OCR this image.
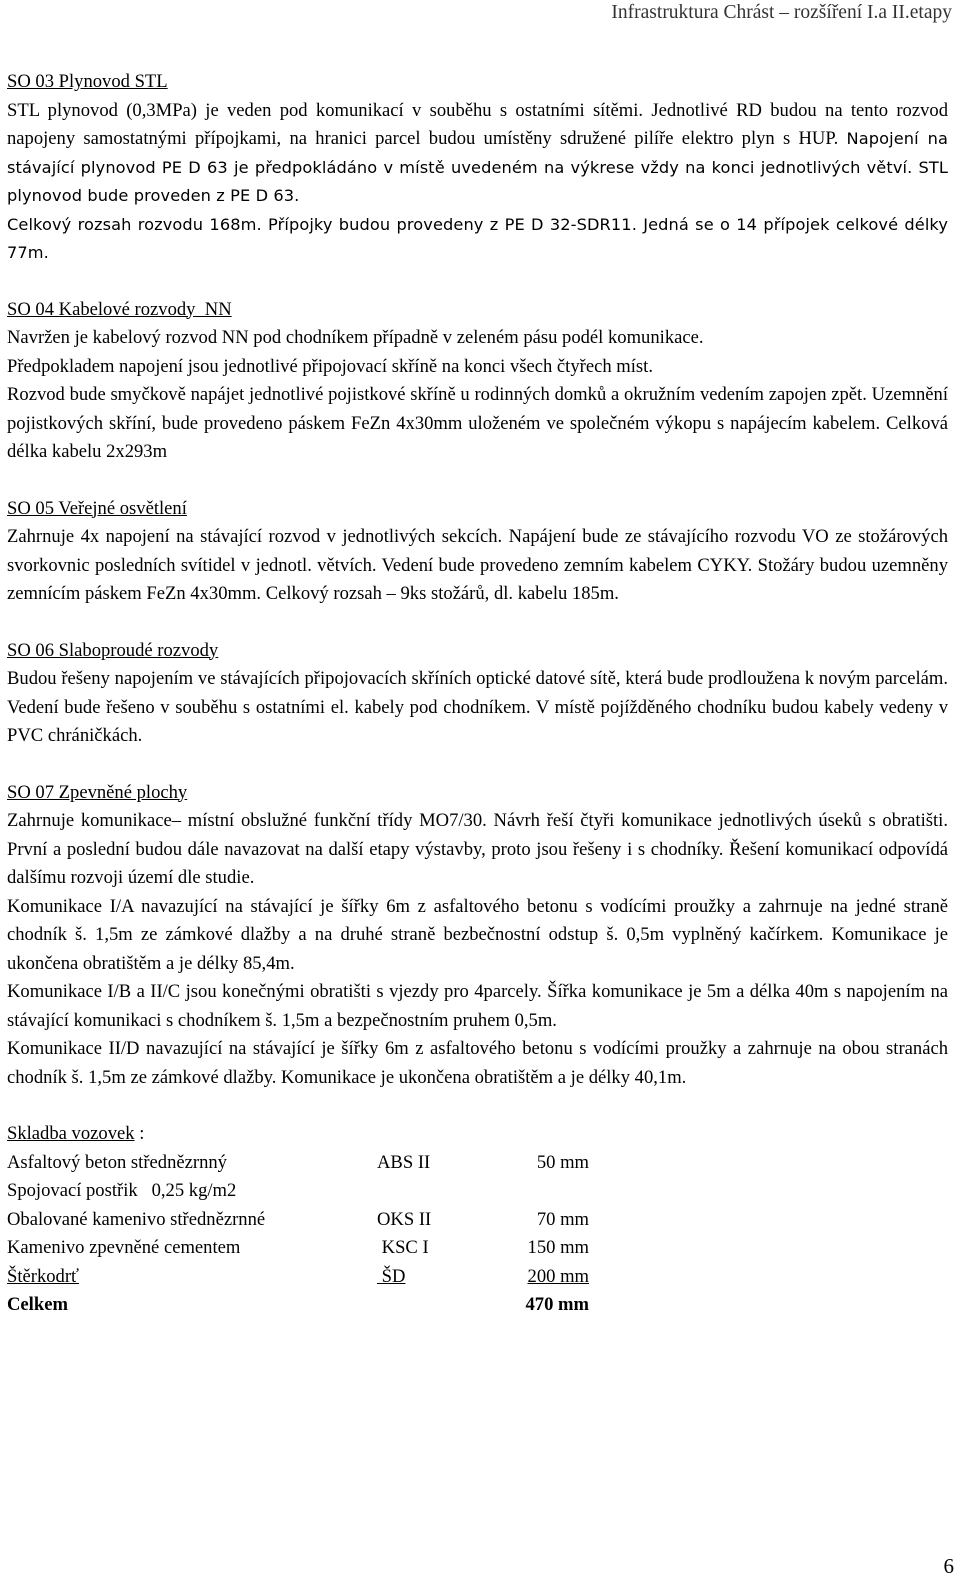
Infrastruktura Chrást – rozšíření I.a II.etapy
SO 03 Plynovod STL
STL plynovod (0,3MPa) je veden pod komunikací v souběhu s ostatními sítěmi. Jednotlivé RD budou na tento rozvod napojeny samostatnými přípojkami, na hranici parcel budou umístěny sdružené pilíře elektro plyn s HUP. Napojení na stávající plynovod PE D 63 je předpokládáno v místě uvedeném na výkrese vždy na konci jednotlivých větví. STL plynovod bude proveden z PE D 63.
Celkový rozsah rozvodu 168m. Přípojky budou provedeny z PE D 32-SDR11. Jedná se o 14 přípojek celkové délky 77m.
SO 04 Kabelové rozvody  NN
Navržen je kabelový rozvod NN pod chodníkem případně v zeleném pásu podél komunikace.
Předpokladem napojení jsou jednotlivé připojovací skříně na konci všech čtyřech míst.
Rozvod bude smyčkově napájet jednotlivé pojistkové skříně u rodinných domků a okružním vedením zapojen zpět. Uzemnění pojistkových skříní, bude provedeno páskem FeZn 4x30mm uloženém ve společném výkopu s napájecím kabelem. Celková délka kabelu 2x293m
SO 05 Veřejné osvětlení
Zahrnuje 4x napojení na stávající rozvod v jednotlivých sekcích. Napájení bude ze stávajícího rozvodu VO ze stožárových svorkovnic posledních svítidel v jednotl. větvích. Vedení bude provedeno zemním kabelem CYKY. Stožáry budou uzemněny zemnícím páskem FeZn 4x30mm. Celkový rozsah – 9ks stožárů, dl. kabelu 185m.
SO 06 Slaboproudé rozvody
Budou řešeny napojením ve stávajících připojovacích skříních optické datové sítě, která bude prodloužena k novým parcelám. Vedení bude řešeno v souběhu s ostatními el. kabely pod chodníkem. V místě pojížděného chodníku budou kabely vedeny v PVC chráničkách.
SO 07 Zpevněné plochy
Zahrnuje komunikace– místní obslužné funkční třídy MO7/30. Návrh řeší čtyři komunikace jednotlivých úseků s obratišti. První a poslední budou dále navazovat na další etapy výstavby, proto jsou řešeny i s chodníky. Řešení komunikací odpovídá dalšímu rozvoji území dle studie.
Komunikace I/A navazující na stávající je šířky 6m z asfaltového betonu s vodícími proužky a zahrnuje na jedné straně chodník š. 1,5m ze zámkové dlažby a na druhé straně bezbečnostní odstup š. 0,5m vyplněný kačírkem. Komunikace je ukončena obratištěm a je délky 85,4m.
Komunikace I/B a II/C jsou konečnými obratišti s vjezdy pro 4parcely. Šířka komunikace je 5m a délka 40m s napojením na stávající komunikaci s chodníkem š. 1,5m a bezpečnostním pruhem 0,5m.
Komunikace II/D navazující na stávající je šířky 6m z asfaltového betonu s vodícími proužky a zahrnuje na obou stranách chodník š. 1,5m ze zámkové dlažby. Komunikace je ukončena obratištěm a je délky 40,1m.
Skladba vozovek :
Asfaltový beton střednězrnný	ABS II	50 mm
Spojovací postřik   0,25 kg/m2		
Obalované kamenivo střednězrnné	OKS II	70 mm
Kamenivo zpevněné cementem	KSC I	150 mm
Štěrkodrť	ŠD	200 mm
Celkem		470 mm
6
